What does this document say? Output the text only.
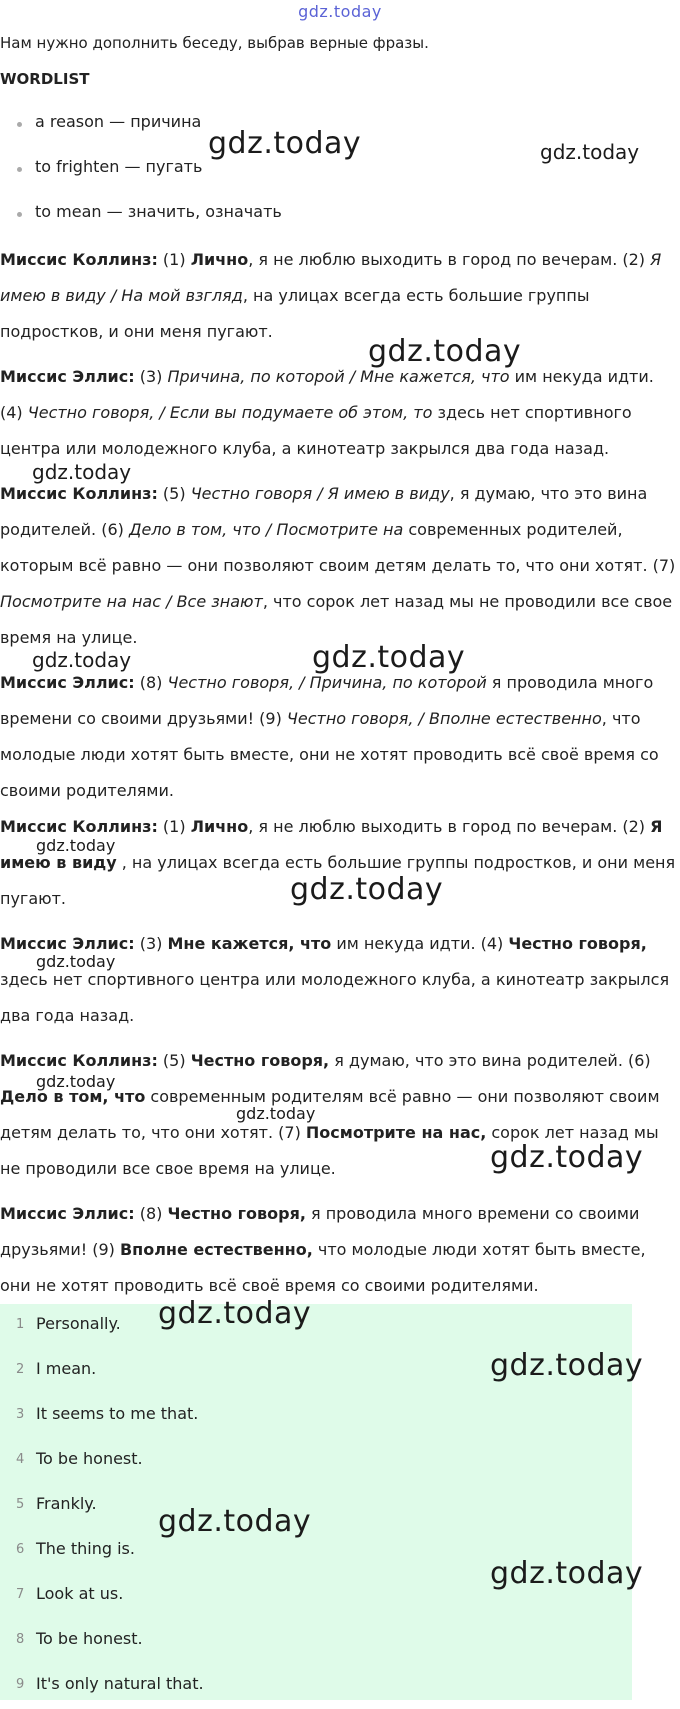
gdz.today
Нам нужно дополнить беседу, выбрав верные фразы.
WORDLIST
a reason — причина
to frighten — пугать
to mean — значить, означать

Миссис Коллинз: (1) Лично, я не люблю выходить в город по вечерам. (2) Я имею в виду / На мой взгляд, на улицах всегда есть большие группы подростков, и они меня пугают.

Миссис Эллис: (3) Причина, по которой / Мне кажется, что им некуда идти. (4) Честно говоря, / Если вы подумаете об этом, то здесь нет спортивного центра или молодежного клуба, а кинотеатр закрылся два года назад.

Миссис Коллинз: (5) Честно говоря / Я имею в виду, я думаю, что это вина родителей. (6) Дело в том, что / Посмотрите на современных родителей, которым всё равно — они позволяют своим детям делать то, что они хотят. (7) Посмотрите на нас / Все знают, что сорок лет назад мы не проводили все свое время на улице.

Миссис Эллис: (8) Честно говоря, / Причина, по которой я проводила много времени со своими друзьями! (9) Честно говоря, / Вполне естественно, что молодые люди хотят быть вместе, они не хотят проводить всё своё время со своими родителями.

Миссис Коллинз: (1) Лично, я не люблю выходить в город по вечерам. (2) Я имею в виду , на улицах всегда есть большие группы подростков, и они меня пугают.

Миссис Эллис: (3) Мне кажется, что им некуда идти. (4) Честно говоря, здесь нет спортивного центра или молодежного клуба, а кинотеатр закрылся два года назад.

Миссис Коллинз: (5) Честно говоря, я думаю, что это вина родителей. (6) Дело в том, что современным родителям всё равно — они позволяют своим детям делать то, что они хотят. (7) Посмотрите на нас, сорок лет назад мы не проводили все свое время на улице.

Миссис Эллис: (8) Честно говоря, я проводила много времени со своими друзьями! (9) Вполне естественно, что молодые люди хотят быть вместе, они не хотят проводить всё своё время со своими родителями.

1 Personally.
2 I mean.
3 It seems to me that.
4 To be honest.
5 Frankly.
6 The thing is.
7 Look at us.
8 To be honest.
9 It's only natural that.
gdz.today	gdz.today
gdz.today
gdz.today
gdz.today	gdz.today
gdz.today
gdz.today
gdz.today
gdz.today
gdz.today
gdz.today
gdz.today
gdz.today
gdz.today
gdz.today
